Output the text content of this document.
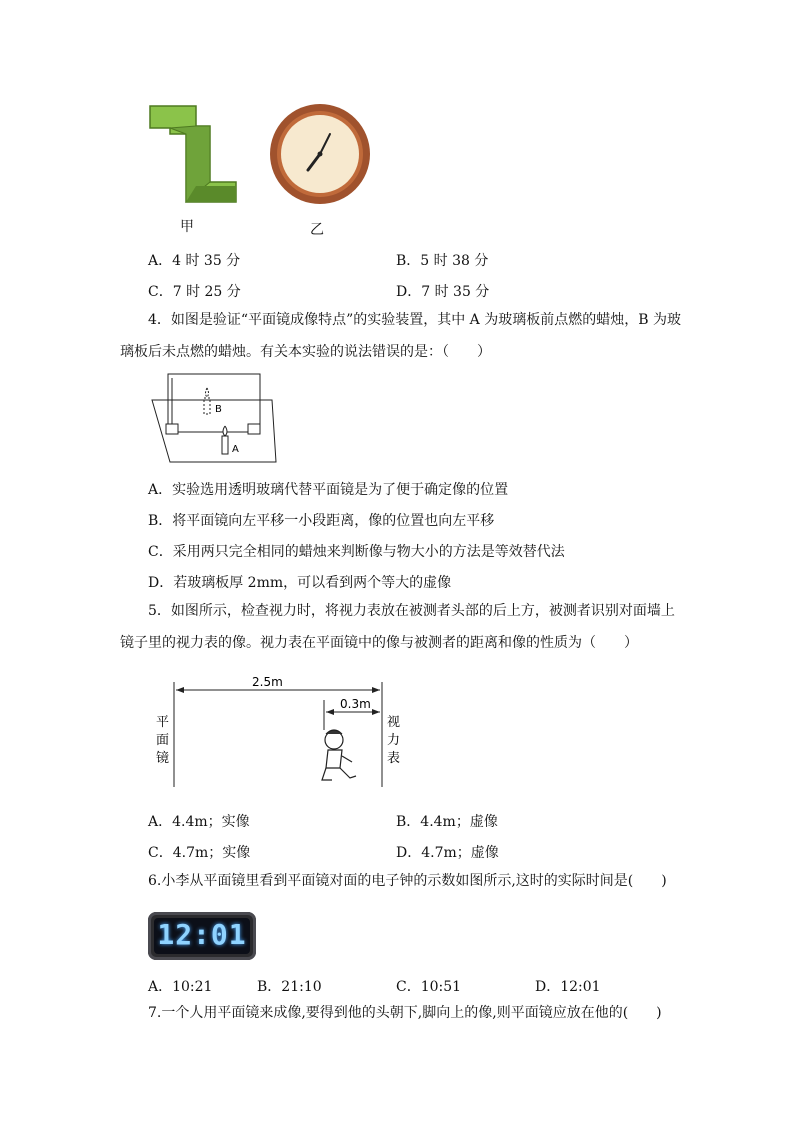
甲	乙
A．4 时 35 分	B．5 时 38 分
C．7 时 25 分	D．7 时 35 分
4．如图是验证“平面镜成像特点”的实验装置，其中 A 为玻璃板前点燃的蜡烛，B 为玻
璃板后未点燃的蜡烛。有关本实验的说法错误的是：（　　）
B
A
A．实验选用透明玻璃代替平面镜是为了便于确定像的位置
B．将平面镜向左平移一小段距离，像的位置也向左平移
C．采用两只完全相同的蜡烛来判断像与物大小的方法是等效替代法
D．若玻璃板厚 2mm，可以看到两个等大的虚像
5．如图所示，检查视力时，将视力表放在被测者头部的后上方，被测者识别对面墙上
镜子里的视力表的像。视力表在平面镜中的像与被测者的距离和像的性质为（　　）
2.5m
0.3m
平
面
镜
视
力
表
A．4.4m；实像	B．4.4m；虚像
C．4.7m；实像	D．4.7m；虚像
6.小李从平面镜里看到平面镜对面的电子钟的示数如图所示,这时的实际时间是(　　)
12:01
A．10:21	B．21:10	C．10:51	D．12:01
7.一个人用平面镜来成像,要得到他的头朝下,脚向上的像,则平面镜应放在他的(　　)
